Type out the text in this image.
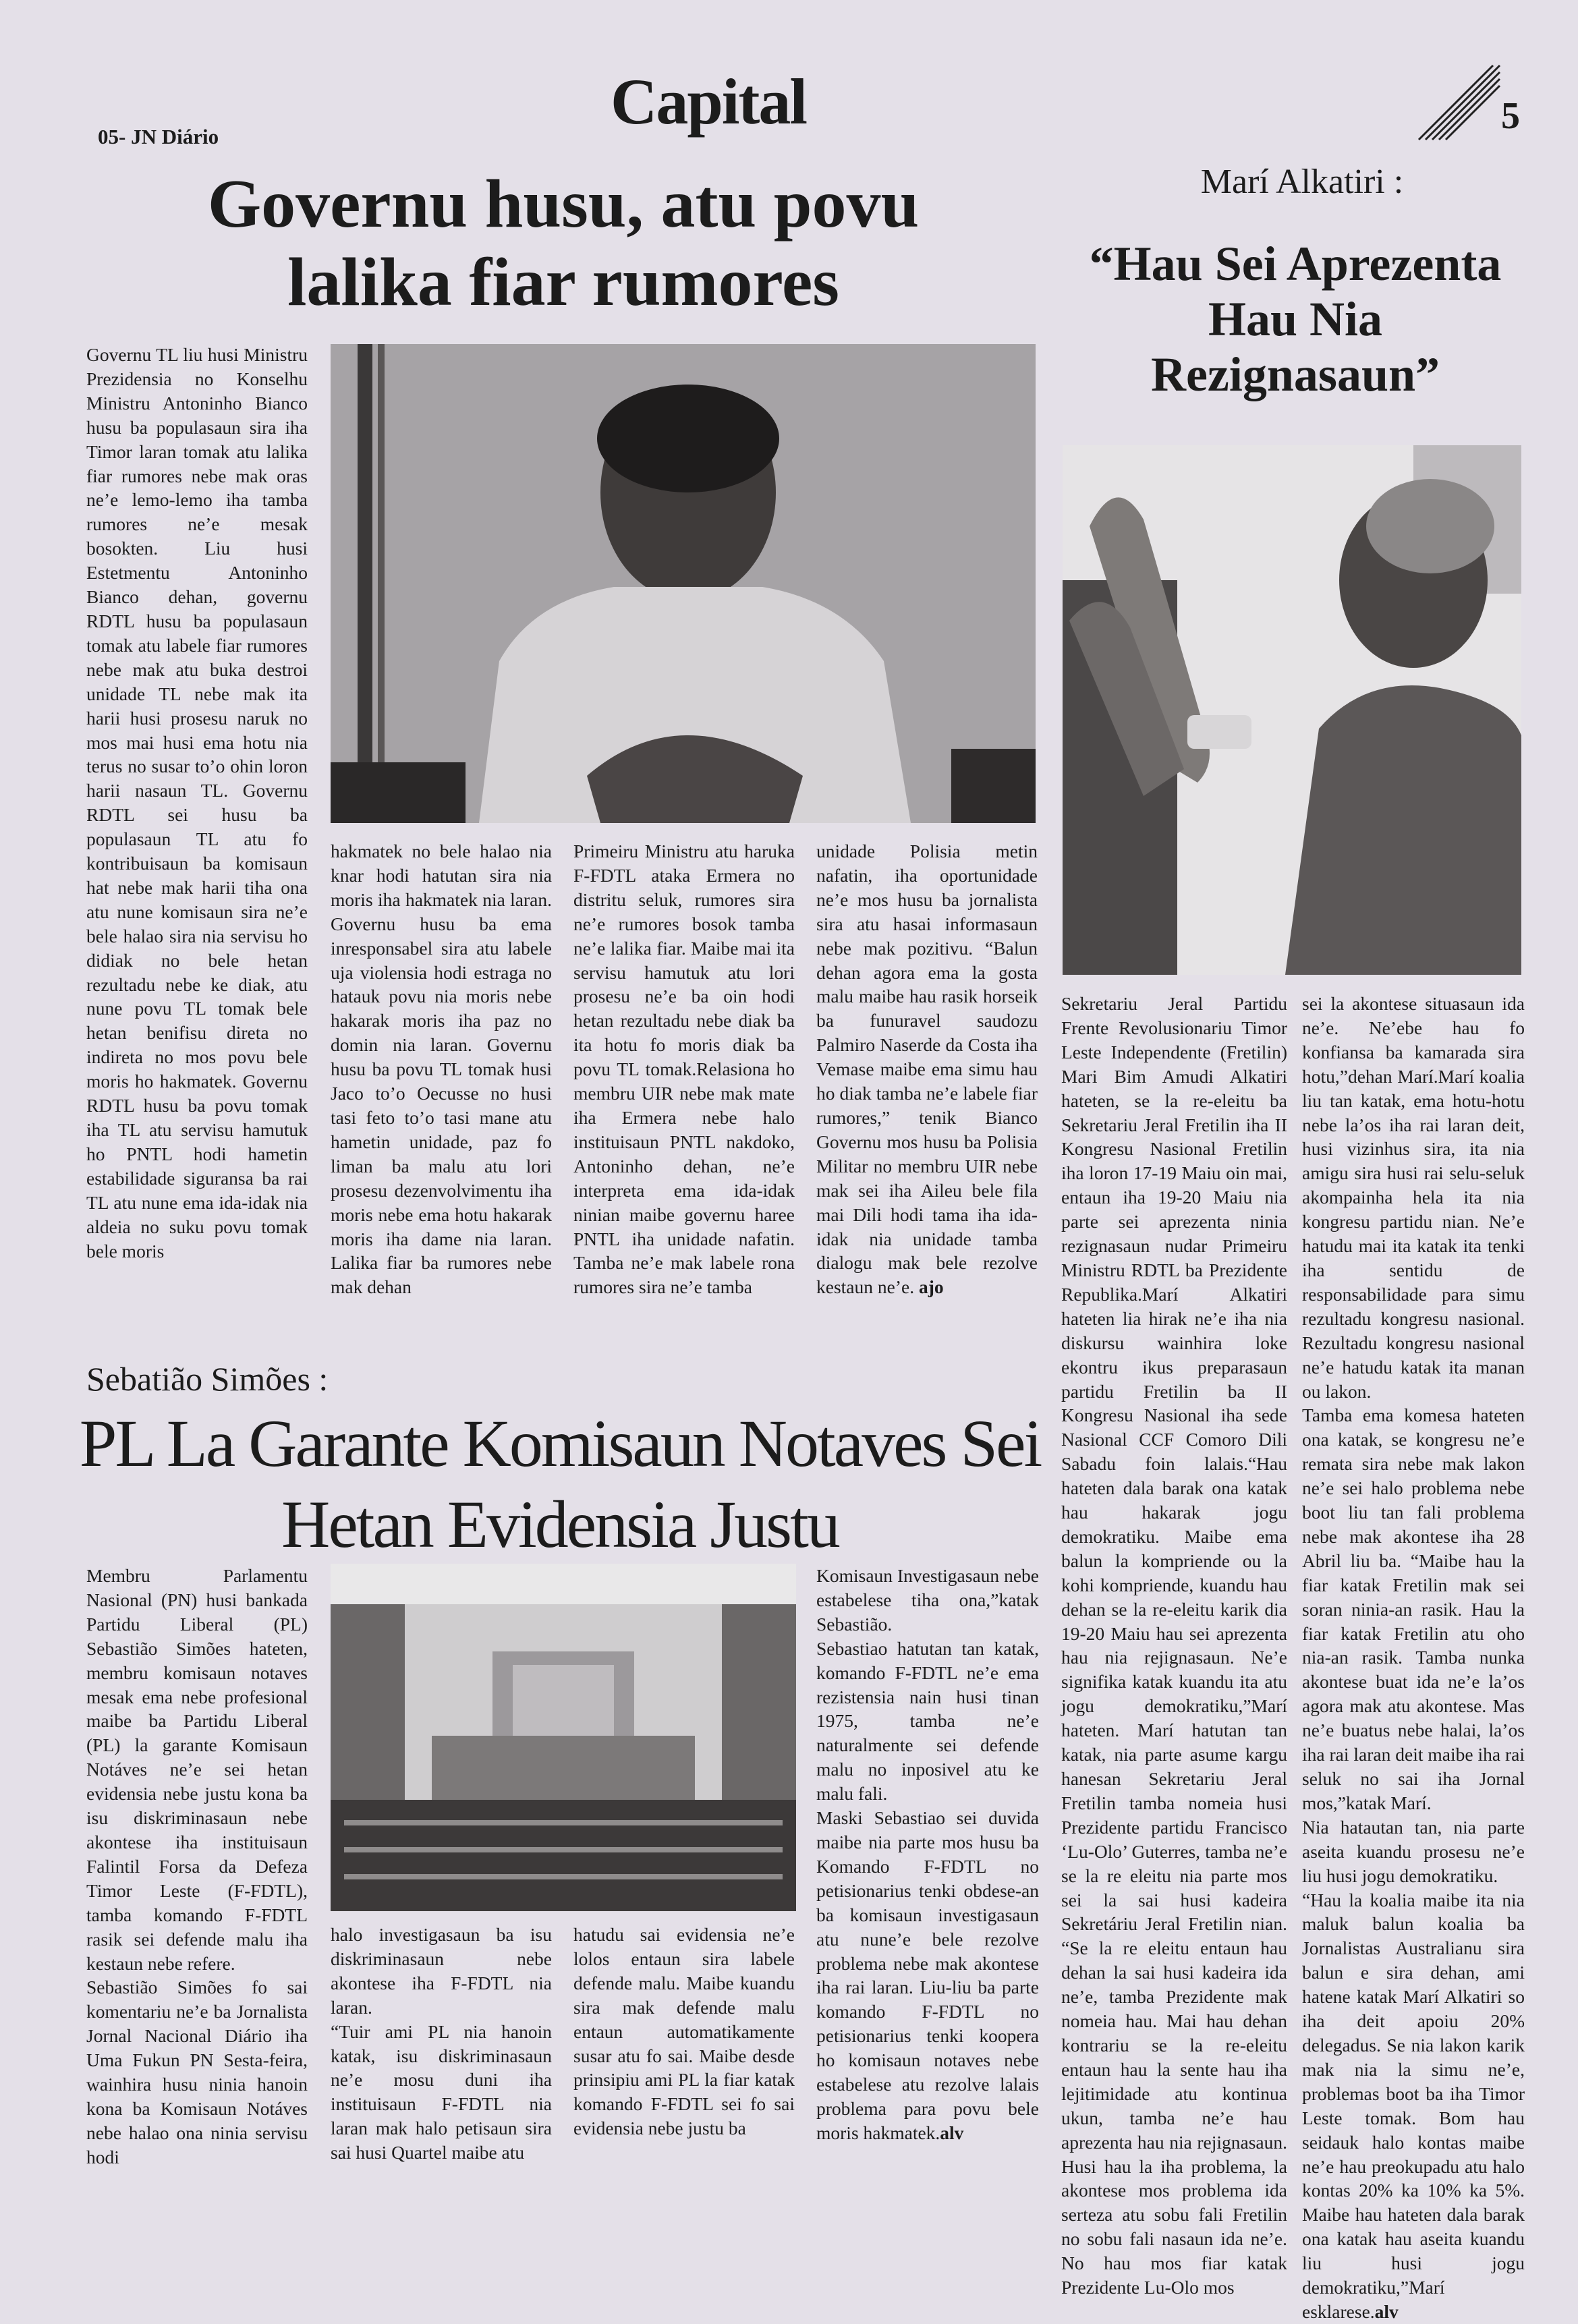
05- JN Diário	Capital	5
Governu husu, atu povu lalika fiar rumores

Governu TL liu husi Ministru Prezidensia no Konselhu Ministru Antoninho Bianco husu ba populasaun sira iha Timor laran tomak atu lalika fiar rumores nebe mak oras ne’e lemo-lemo iha tamba rumores ne’e mesak bosokten. Liu husi Estetmentu Antoninho Bianco dehan, governu RDTL husu ba populasaun tomak atu labele fiar rumores nebe mak atu buka destroi unidade TL nebe mak ita harii husi prosesu naruk no mos mai husi ema hotu nia terus no susar to’o ohin loron harii nasaun TL. Governu RDTL sei husu ba populasaun TL atu fo kontribuisaun ba komisaun hat nebe mak harii tiha ona atu nune komisaun sira ne’e bele halao sira nia servisu ho didiak no bele hetan rezultadu nebe ke diak, atu nune povu TL tomak bele hetan benifisu direta no indireta no mos povu bele moris ho hakmatek. Governu RDTL husu ba povu tomak iha TL atu servisu hamutuk ho PNTL hodi hametin estabilidade siguransa ba rai TL atu nune ema ida-idak nia aldeia no suku povu tomak bele moris

hakmatek no bele halao nia knar hodi hatutan sira nia moris iha hakmatek nia laran. Governu husu ba ema inresponsabel sira atu labele uja violensia hodi estraga no hatauk povu nia moris nebe hakarak moris iha paz no domin nia laran. Governu husu ba povu TL tomak husi Jaco to’o Oecusse no husi tasi feto to’o tasi mane atu hametin unidade, paz fo liman ba malu atu lori prosesu dezenvolvimentu iha moris nebe ema hotu hakarak moris iha dame nia laran. Lalika fiar ba rumores nebe mak dehan

Primeiru Ministru atu haruka F-FDTL ataka Ermera no distritu seluk, rumores sira ne’e rumores bosok tamba ne’e lalika fiar. Maibe mai ita servisu hamutuk atu lori prosesu ne’e ba oin hodi hetan rezultadu nebe diak ba ita hotu fo moris diak ba povu TL tomak.Relasiona ho membru UIR nebe mak mate iha Ermera nebe halo instituisaun PNTL nakdoko, Antoninho dehan, ne’e interpreta ema ida-idak ninian maibe governu haree PNTL iha unidade nafatin. Tamba ne’e mak labele rona rumores sira ne’e tamba

unidade Polisia metin nafatin, iha oportunidade ne’e mos husu ba jornalista sira atu hasai informasaun nebe mak pozitivu. “Balun dehan agora ema la gosta malu maibe hau rasik horseik ba funuravel saudozu Palmiro Naserde da Costa iha Vemase maibe ema simu hau ho diak tamba ne’e labele fiar rumores,” tenik Bianco Governu mos husu ba Polisia Militar no membru UIR nebe mak sei iha Aileu bele fila mai Dili hodi tama iha ida-idak nia unidade tamba dialogu mak bele rezolve kestaun ne’e. ajo

Marí Alkatiri :
“Hau Sei Aprezenta Hau Nia Rezignasaun”

Sekretariu Jeral Partidu Frente Revolusionariu Timor Leste Independente (Fretilin) Mari Bim Amudi Alkatiri hateten, se la re-eleitu ba Sekretariu Jeral Fretilin iha II Kongresu Nasional Fretilin iha loron 17-19 Maiu oin mai, entaun iha 19-20 Maiu nia parte sei aprezenta ninia rezignasaun nudar Primeiru Ministru RDTL ba Prezidente Republika.Marí Alkatiri hateten lia hirak ne’e iha nia diskursu wainhira loke ekontru ikus preparasaun partidu Fretilin ba II Kongresu Nasional iha sede Nasional CCF Comoro Dili Sabadu foin lalais.“Hau hateten dala barak ona katak hau hakarak jogu demokratiku. Maibe ema balun la kompriende ou la kohi kompriende, kuandu hau dehan se la re-eleitu karik dia 19-20 Maiu hau sei aprezenta hau nia rejignasaun. Ne’e signifika katak kuandu ita atu jogu demokratiku,”Marí hateten. Marí hatutan tan katak, nia parte asume kargu hanesan Sekretariu Jeral Fretilin tamba nomeia husi Prezidente partidu Francisco ‘Lu-Olo’ Guterres, tamba ne’e se la re eleitu nia parte mos sei la sai husi kadeira Sekretáriu Jeral Fretilin nian. “Se la re eleitu entaun hau dehan la sai husi kadeira ida ne’e, tamba Prezidente mak nomeia hau. Mai hau dehan kontrariu se la re-eleitu entaun hau la sente hau iha lejitimidade atu kontinua ukun, tamba ne’e hau aprezenta hau nia rejignasaun. Husi hau la iha problema, la akontese mos problema ida serteza atu sobu fali Fretilin no sobu fali nasaun ida ne’e. No hau mos fiar katak Prezidente Lu-Olo mos

sei la akontese situasaun ida ne’e. Ne’ebe hau fo konfiansa ba kamarada sira hotu,”dehan Marí.Marí koalia liu tan katak, ema hotu-hotu nebe la’os iha rai laran deit, husi vizinhus sira, ita nia amigu sira husi rai selu-seluk akompainha hela ita nia kongresu partidu nian. Ne’e hatudu mai ita katak ita tenki iha sentidu de responsabilidade para simu rezultadu kongresu nasional. Rezultadu kongresu nasional ne’e hatudu katak ita manan ou lakon.
Tamba ema komesa hateten ona katak, se kongresu ne’e remata sira nebe mak lakon ne’e sei halo problema nebe boot liu tan fali problema nebe mak akontese iha 28 Abril liu ba. “Maibe hau la fiar katak Fretilin mak sei soran ninia-an rasik. Hau la fiar katak Fretilin atu oho nia-an rasik. Tamba nunka akontese buat ida ne’e la’os agora mak atu akontese. Mas ne’e buatus nebe halai, la’os iha rai laran deit maibe iha rai seluk no sai iha Jornal mos,”katak Marí.
Nia hatautan tan, nia parte aseita kuandu prosesu ne’e liu husi jogu demokratiku.
“Hau la koalia maibe ita nia maluk balun koalia ba Jornalistas Australianu sira balun e sira dehan, ami hatene katak Marí Alkatiri so iha deit apoiu 20% delegadus. Se nia lakon karik mak nia la simu ne’e, problemas boot ba iha Timor Leste tomak. Bom hau seidauk halo kontas maibe ne’e hau preokupadu atu halo kontas 20% ka 10% ka 5%. Maibe hau hateten dala barak ona katak hau aseita kuandu liu husi jogu demokratiku,”Marí esklarese.alv

Sebatião Simões :
PL La Garante Komisaun Notaves Sei Hetan Evidensia Justu

Membru Parlamentu Nasional (PN) husi bankada Partidu Liberal (PL) Sebastião Simões hateten, membru komisaun notaves mesak ema nebe profesional maibe ba Partidu Liberal (PL) la garante Komisaun Notáves ne’e sei hetan evidensia nebe justu kona ba isu diskriminasaun nebe akontese iha instituisaun Falintil Forsa da Defeza Timor Leste (F-FDTL), tamba komando F-FDTL rasik sei defende malu iha kestaun nebe refere.
Sebastião Simões fo sai komentariu ne’e ba Jornalista Jornal Nacional Diário iha Uma Fukun PN Sesta-feira, wainhira husu ninia hanoin kona ba Komisaun Notáves nebe halao ona ninia servisu hodi

halo investigasaun ba isu diskriminasaun nebe akontese iha F-FDTL nia laran.
“Tuir ami PL nia hanoin katak, isu diskriminasaun ne’e mosu duni iha instituisaun F-FDTL nia laran mak halo petisaun sira sai husi Quartel maibe atu

hatudu sai evidensia ne’e lolos entaun sira labele defende malu. Maibe kuandu sira mak defende malu entaun automatikamente susar atu fo sai. Maibe desde prinsipiu ami PL la fiar katak komando F-FDTL sei fo sai evidensia nebe justu ba

Komisaun Investigasaun nebe estabelese tiha ona,”katak Sebastião.
Sebastiao hatutan tan katak, komando F-FDTL ne’e ema rezistensia nain husi tinan 1975, tamba ne’e naturalmente sei defende malu no inposivel atu ke malu fali.
Maski Sebastiao sei duvida maibe nia parte mos husu ba Komando F-FDTL no petisionarius tenki obdese-an ba komisaun investigasaun atu nune’e bele rezolve problema nebe mak akontese iha rai laran. Liu-liu ba parte komando F-FDTL no petisionarius tenki koopera ho komisaun notaves nebe estabelese atu rezolve lalais problema para povu bele moris hakmatek.alv
